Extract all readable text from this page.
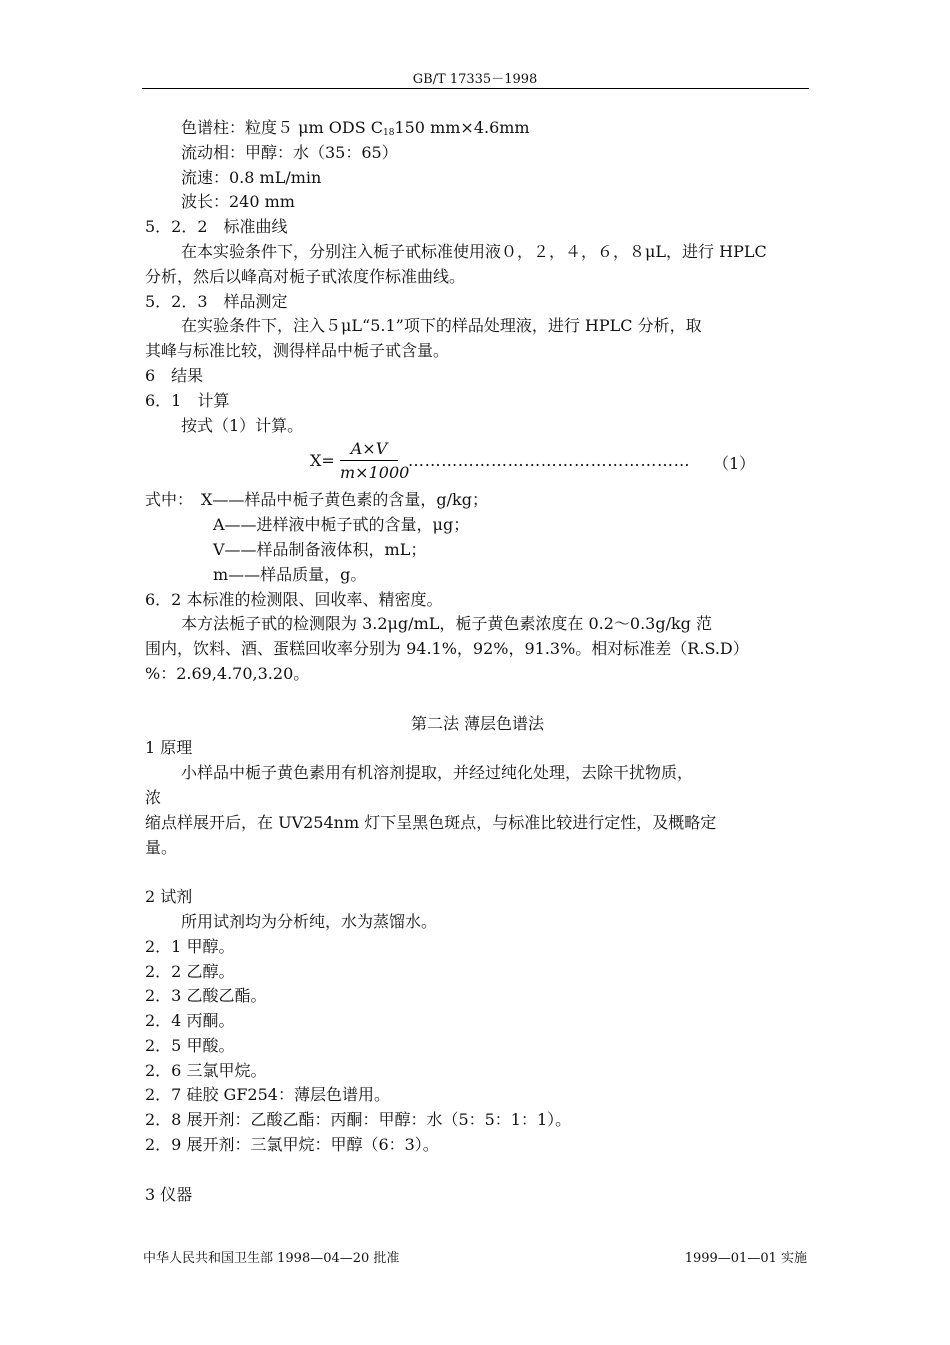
GB/T 17335－1998
色谱柱：粒度５ μm ODS $C_{18}150$ mm×4.6mm
流动相：甲醇：水（35：65）
流速：0.8 mL/min
波长：240 mm
5．2．2　标准曲线
在本实验条件下，分别注入栀子甙标准使用液０，２，４，６，８μL，进行 HPLC
分析，然后以峰高对栀子甙浓度作标准曲线。
5．2．3　样品测定
在实验条件下，注入５μL“5.1”项下的样品处理液，进行 HPLC 分析，取
其峰与标准比较，测得样品中栀子甙含量。
6　结果
6．1　计算
按式（1）计算。
$X= \frac{A\times V}{m\times 1000}$ …………………………………………… （1）
式中：　X——样品中栀子黄色素的含量，g/kg；
A——进样液中栀子甙的含量，μg；
V——样品制备液体积，mL；
m——样品质量，g。
6．2 本标准的检测限、回收率、精密度。
本方法栀子甙的检测限为 3.2μg/mL，栀子黄色素浓度在 0.2～0.3g/kg 范
围内，饮料、酒、蛋糕回收率分别为 94.1%，92%，91.3%。相对标准差（R.S.D）
%：2.69,4.70,3.20。
第二法 薄层色谱法
1 原理
小样品中栀子黄色素用有机溶剂提取，并经过纯化处理，去除干扰物质，
浓
缩点样展开后，在 UV254nm 灯下呈黑色斑点，与标准比较进行定性，及概略定
量。
2 试剂
所用试剂均为分析纯，水为蒸馏水。
2．1 甲醇。
2．2 乙醇。
2．3 乙酸乙酯。
2．4 丙酮。
2．5 甲酸。
2．6 三氯甲烷。
2．7 硅胶 GF254：薄层色谱用。
2．8 展开剂：乙酸乙酯：丙酮：甲醇：水（5：5：1：1）。
2．9 展开剂：三氯甲烷：甲醇（6：3）。
3 仪器
中华人民共和国卫生部 1998—04—20 批准	1999—01—01 实施
